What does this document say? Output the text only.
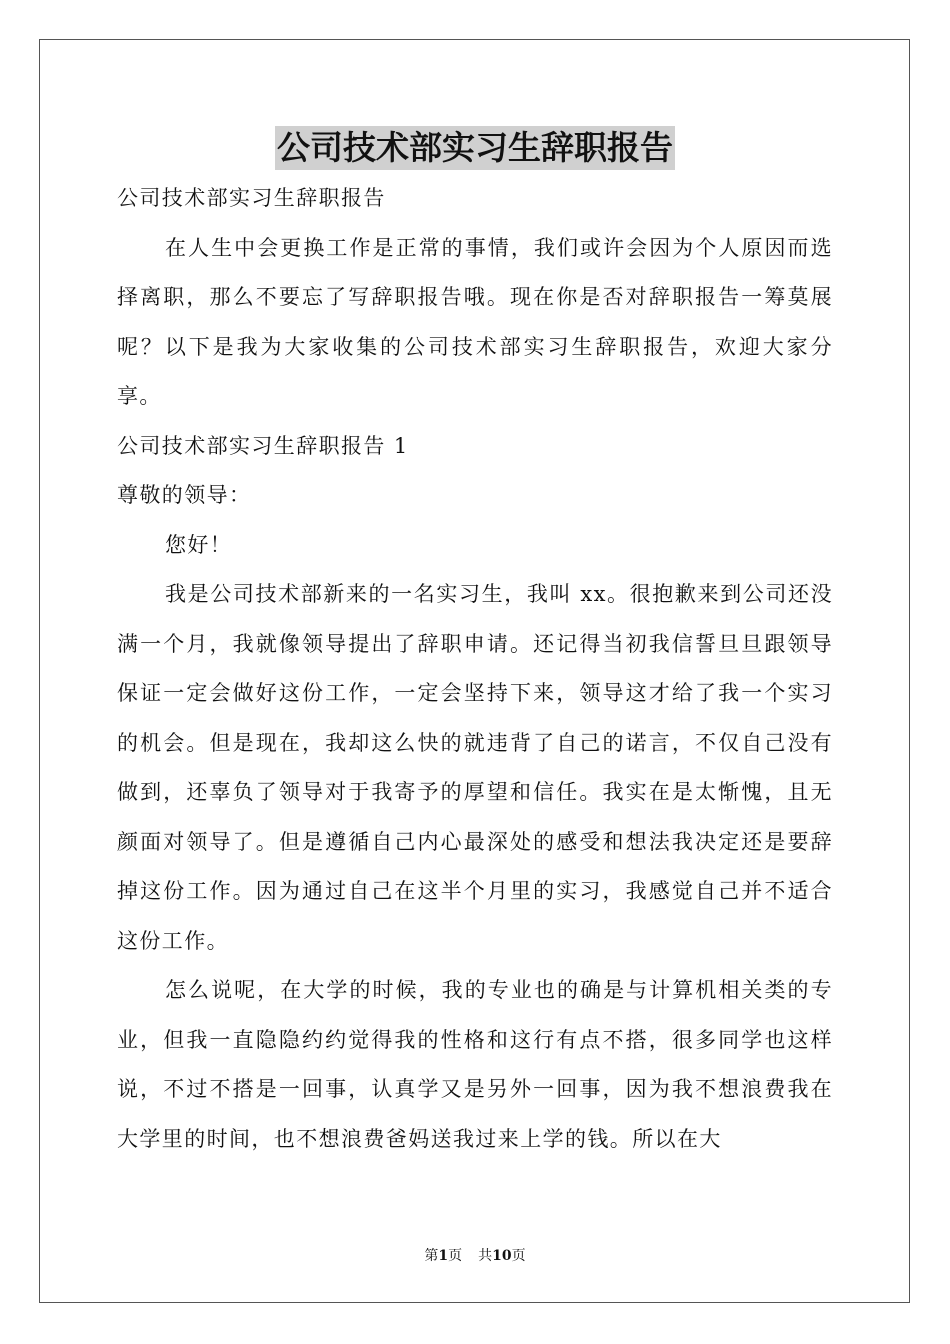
公司技术部实习生辞职报告

公司技术部实习生辞职报告

在人生中会更换工作是正常的事情，我们或许会因为个人原因而选择离职，那么不要忘了写辞职报告哦。现在你是否对辞职报告一筹莫展呢？以下是我为大家收集的公司技术部实习生辞职报告，欢迎大家分享。

公司技术部实习生辞职报告 1

尊敬的领导：

您好！

我是公司技术部新来的一名实习生，我叫 xx。很抱歉来到公司还没满一个月，我就像领导提出了辞职申请。还记得当初我信誓旦旦跟领导保证一定会做好这份工作，一定会坚持下来，领导这才给了我一个实习的机会。但是现在，我却这么快的就违背了自己的诺言，不仅自己没有做到，还辜负了领导对于我寄予的厚望和信任。我实在是太惭愧，且无颜面对领导了。但是遵循自己内心最深处的感受和想法我决定还是要辞掉这份工作。因为通过自己在这半个月里的实习，我感觉自己并不适合这份工作。

怎么说呢，在大学的时候，我的专业也的确是与计算机相关类的专业，但我一直隐隐约约觉得我的性格和这行有点不搭，很多同学也这样说，不过不搭是一回事，认真学又是另外一回事，因为我不想浪费我在大学里的时间，也不想浪费爸妈送我过来上学的钱。所以在大

第1页 共10页
